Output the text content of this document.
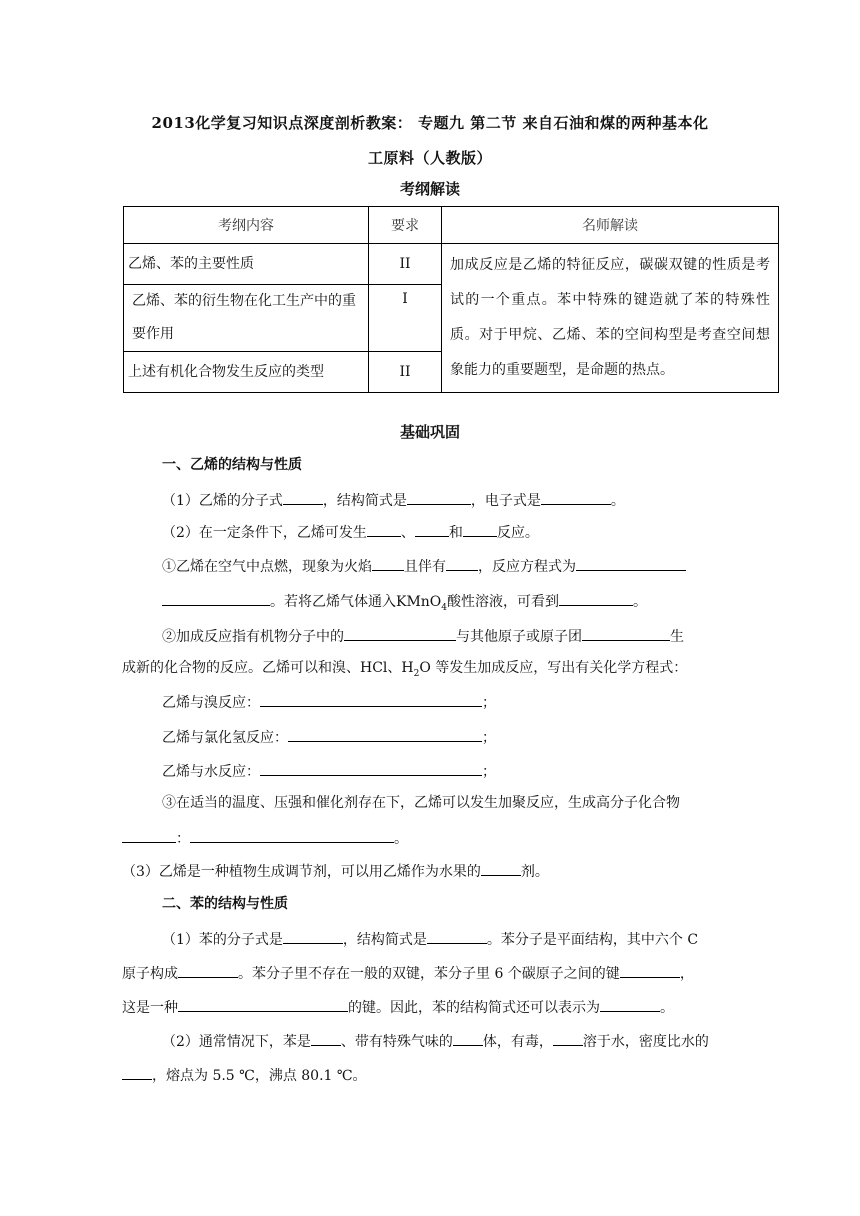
2013化学复习知识点深度剖析教案： 专题九 第二节 来自石油和煤的两种基本化
工原料（人教版）
考纲解读
考纲内容	要求	名师解读
乙烯、苯的主要性质	II	加成反应是乙烯的特征反应，碳碳双键的性质是考试的一个重点。苯中特殊的键造就了苯的特殊性质。对于甲烷、乙烯、苯的空间构型是考查空间想象能力的重要题型，是命题的热点。
乙烯、苯的衍生物在化工生产中的重要作用	I	
上述有机化合物发生反应的类型	II	
基础巩固
一、乙烯的结构与性质
（1）乙烯的分子式	，结构简式是	，电子式是	。
（2）在一定条件下，乙烯可发生 、 和 反应。
①乙烯在空气中点燃，现象为火焰 且伴有 ，反应方程式为
。若将乙烯气体通入KMnO$_4$酸性溶液，可看到	。
②加成反应指有机物分子中的	与其他原子或原子团	生
成新的化合物的反应。乙烯可以和溴、HCl、$H_2O$ 等发生加成反应，写出有关化学方程式：
乙烯与溴反应：	；
乙烯与氯化氢反应：	；
乙烯与水反应：	；
③在适当的温度、压强和催化剂存在下，乙烯可以发生加聚反应，生成高分子化合物
：	。
（3）乙烯是一种植物生成调节剂，可以用乙烯作为水果的	剂。
二、苯的结构与性质
（1）苯的分子式是	，结构简式是	。苯分子是平面结构，其中六个 C
原子构成	。苯分子里不存在一般的双键，苯分子里 6 个碳原子之间的键	，
这是一种	的键。因此，苯的结构简式还可以表示为	。
（2）通常情况下，苯是 、带有特殊气味的 体，有毒， 溶于水，密度比水的
，熔点为 5.5 ℃，沸点 80.1 ℃。
